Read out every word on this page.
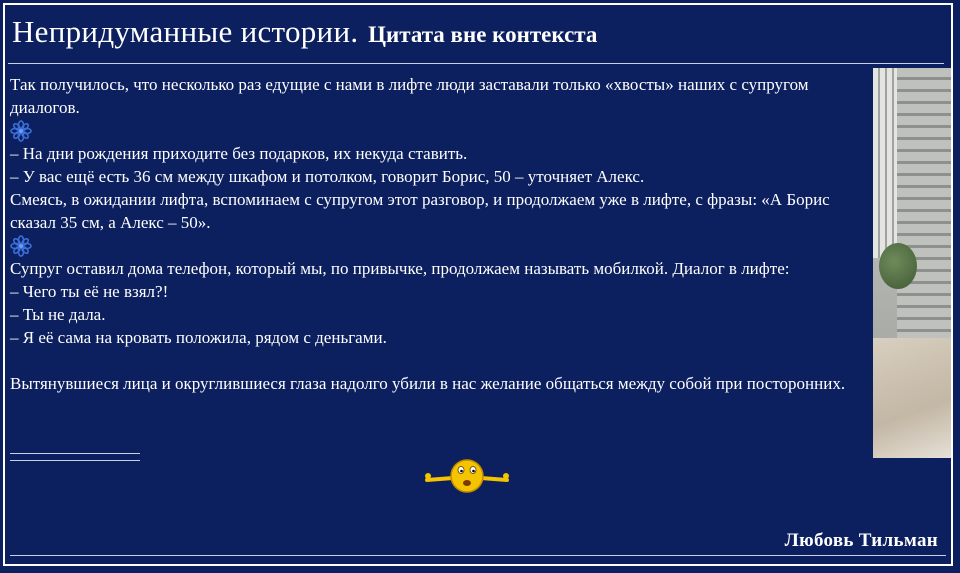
Непридуманные истории. Цитата вне контекста

Так получилось, что несколько раз едущие с нами в лифте люди заставали только «хвосты» наших с супругом диалогов.

– На дни рождения приходите без подарков, их некуда ставить.

– У вас ещё есть 36 см между шкафом и потолком, говорит Борис, 50 – уточняет Алекс.

Смеясь, в ожидании лифта, вспоминаем с супругом этот разговор, и продолжаем уже в лифте, с фразы: «А Борис сказал 35 см, а Алекс – 50».

Супруг оставил дома телефон, который мы, по привычке, продолжаем называть мобилкой. Диалог в лифте:

– Чего ты её не взял?!

– Ты не дала.

– Я её сама на кровать положила, рядом с деньгами.

Вытянувшиеся лица и округлившиеся глаза надолго убили в нас желание общаться между собой при посторонних.

Любовь Тильман
